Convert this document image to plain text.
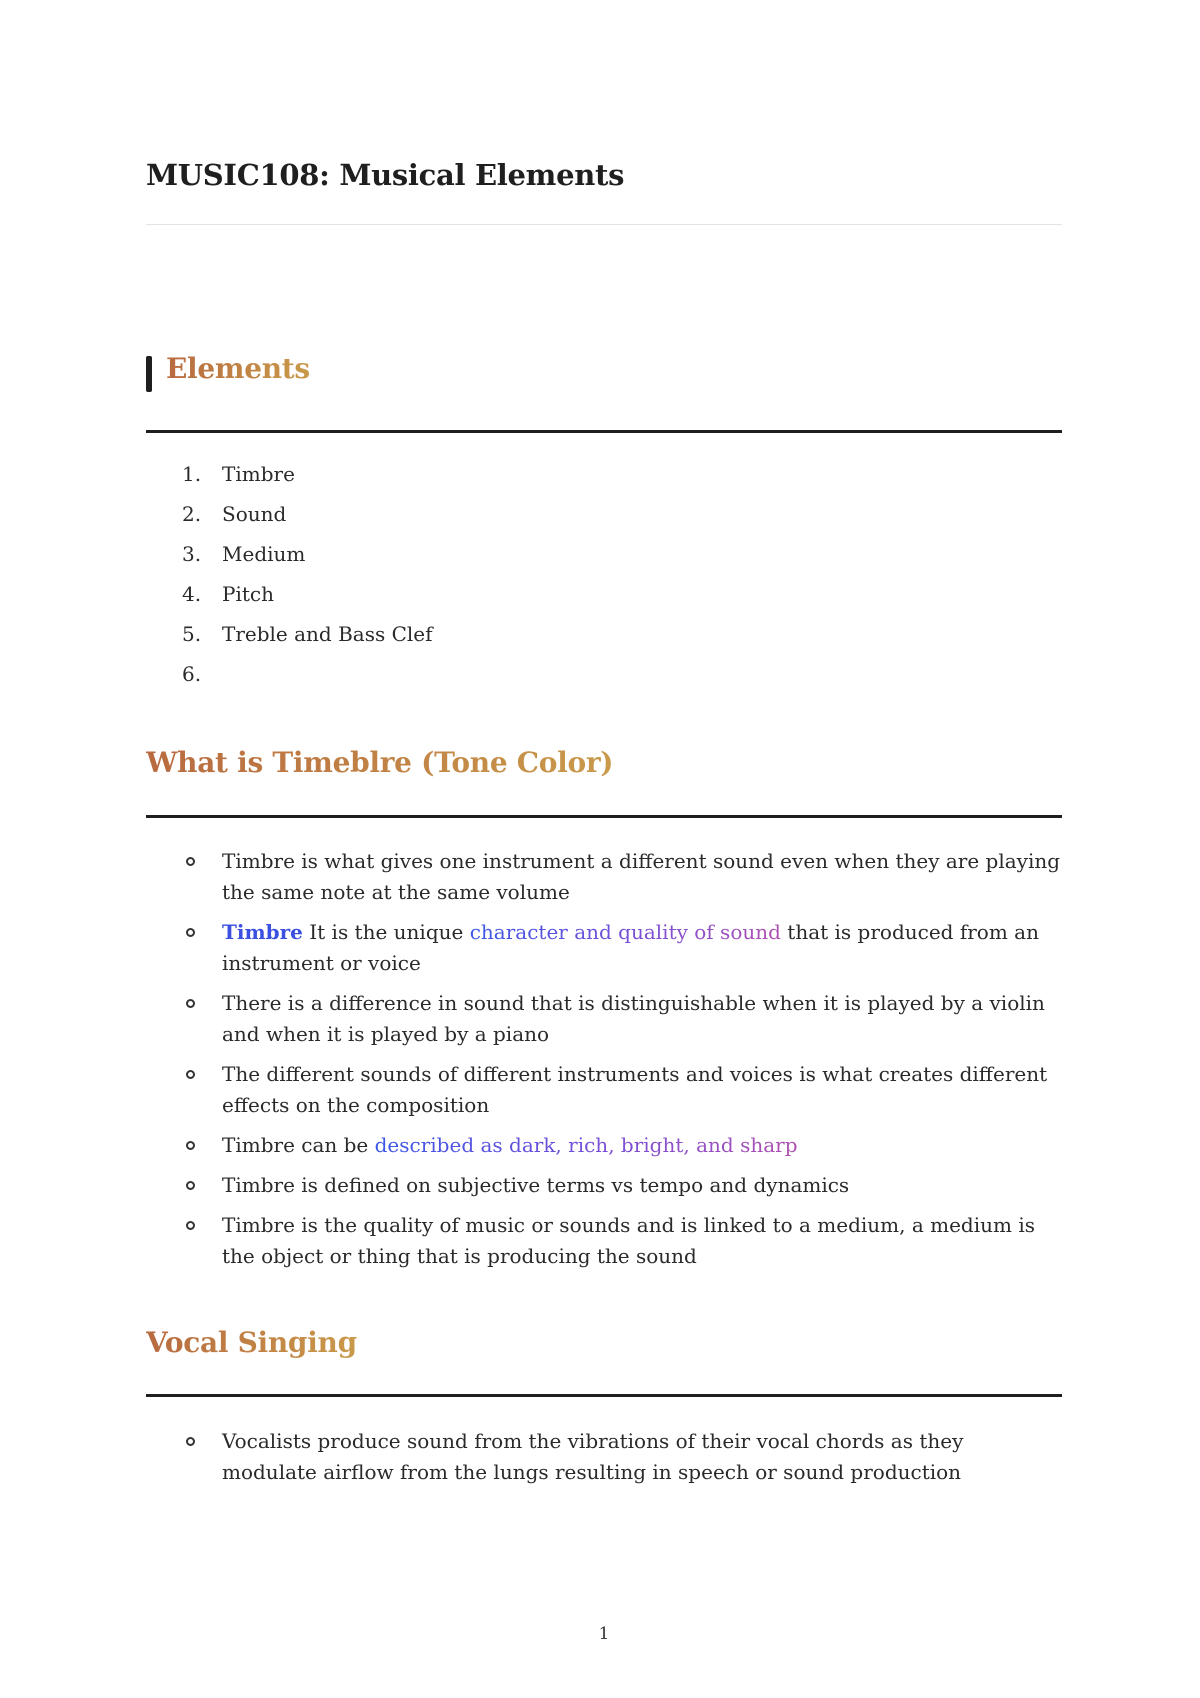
MUSIC108: Musical Elements
Elements
1.	Timbre
2.	Sound
3.	Medium
4.	Pitch
5.	Treble and Bass Clef
6.
What is Timeblre (Tone Color)
Timbre is what gives one instrument a different sound even when they are playing the same note at the same volume
Timbre It is the unique character and quality of sound that is produced from an instrument or voice
There is a difference in sound that is distinguishable when it is played by a violin and when it is played by a piano
The different sounds of different instruments and voices is what creates different effects on the composition
Timbre can be described as dark, rich, bright, and sharp
Timbre is defined on subjective terms vs tempo and dynamics
Timbre is the quality of music or sounds and is linked to a medium, a medium is the object or thing that is producing the sound
Vocal Singing
Vocalists produce sound from the vibrations of their vocal chords as they modulate airflow from the lungs resulting in speech or sound production
1
